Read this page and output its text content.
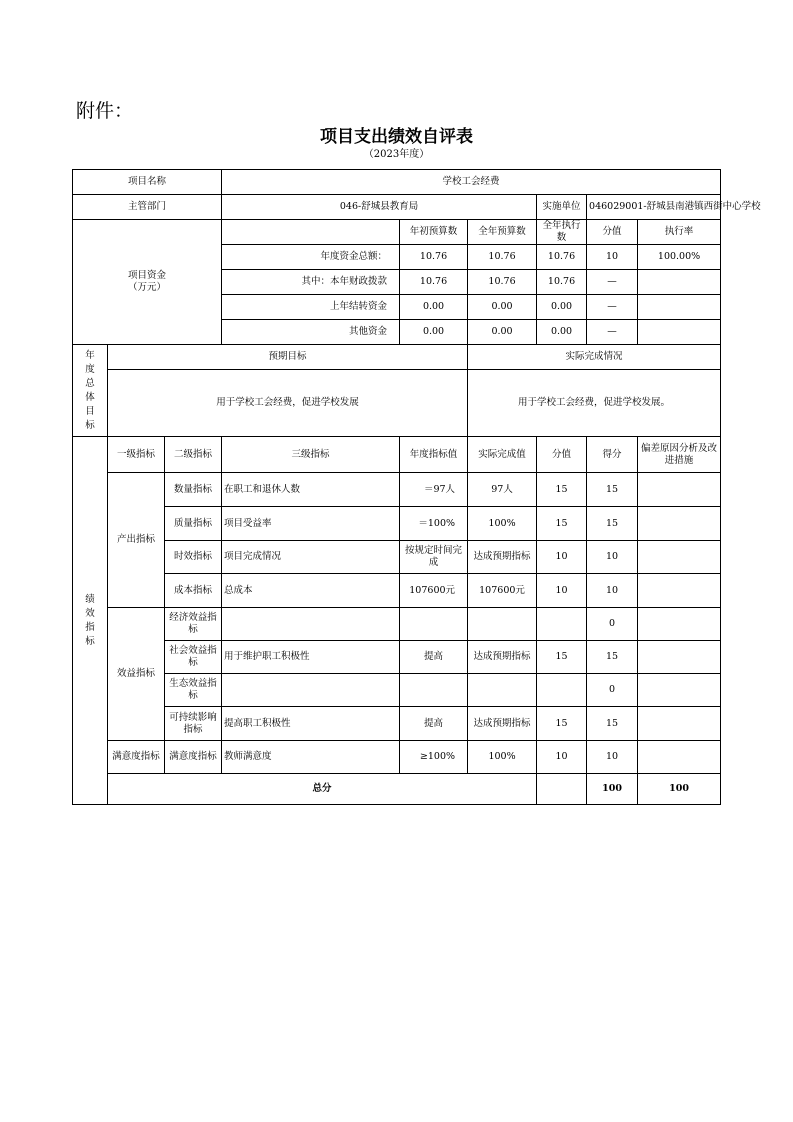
附件：
项目支出绩效自评表
（2023年度）
项目名称			学校工会经费						
主管部门			046-舒城县教育局			实施单位	046029001-舒城县南港镇西街中心学校		

项目资金
（万元）				年初预算数	全年预算数	全年执行数	分值	执行率	
			年度资金总额：	10.76	10.76	10.76	10	100.00%	
			其中：本年财政拨款	10.76	10.76	10.76	—		
			上年结转资金	0.00	0.00	0.00	—		
			其他资金	0.00	0.00	0.00	—		
年度总体目标	预期目标				实际完成情况				
	用于学校工会经费，促进学校发展				用于学校工会经费，促进学校发展。				
绩效指标	一级指标	二级指标	三级指标	年度指标值	实际完成值	分值	得分	偏差原因分析及改进措施	
	产出指标	数量指标	在职工和退休人数	＝97人	97人	15	15		
		质量指标	项目受益率	＝100%	100%	15	15		
		时效指标	项目完成情况	按规定时间完成	达成预期指标	10	10		
		成本指标	总成本	107600元	107600元	10	10		
	效益指标	经济效益指标					0		
		社会效益指标	用于维护职工积极性	提高	达成预期指标	15	15		
		生态效益指标					0		
		可持续影响指标	提高职工积极性	提高	达成预期指标	15	15		
	满意度指标	满意度指标	教师满意度	≥100%	100%	10	10		
	总分						100	100	
